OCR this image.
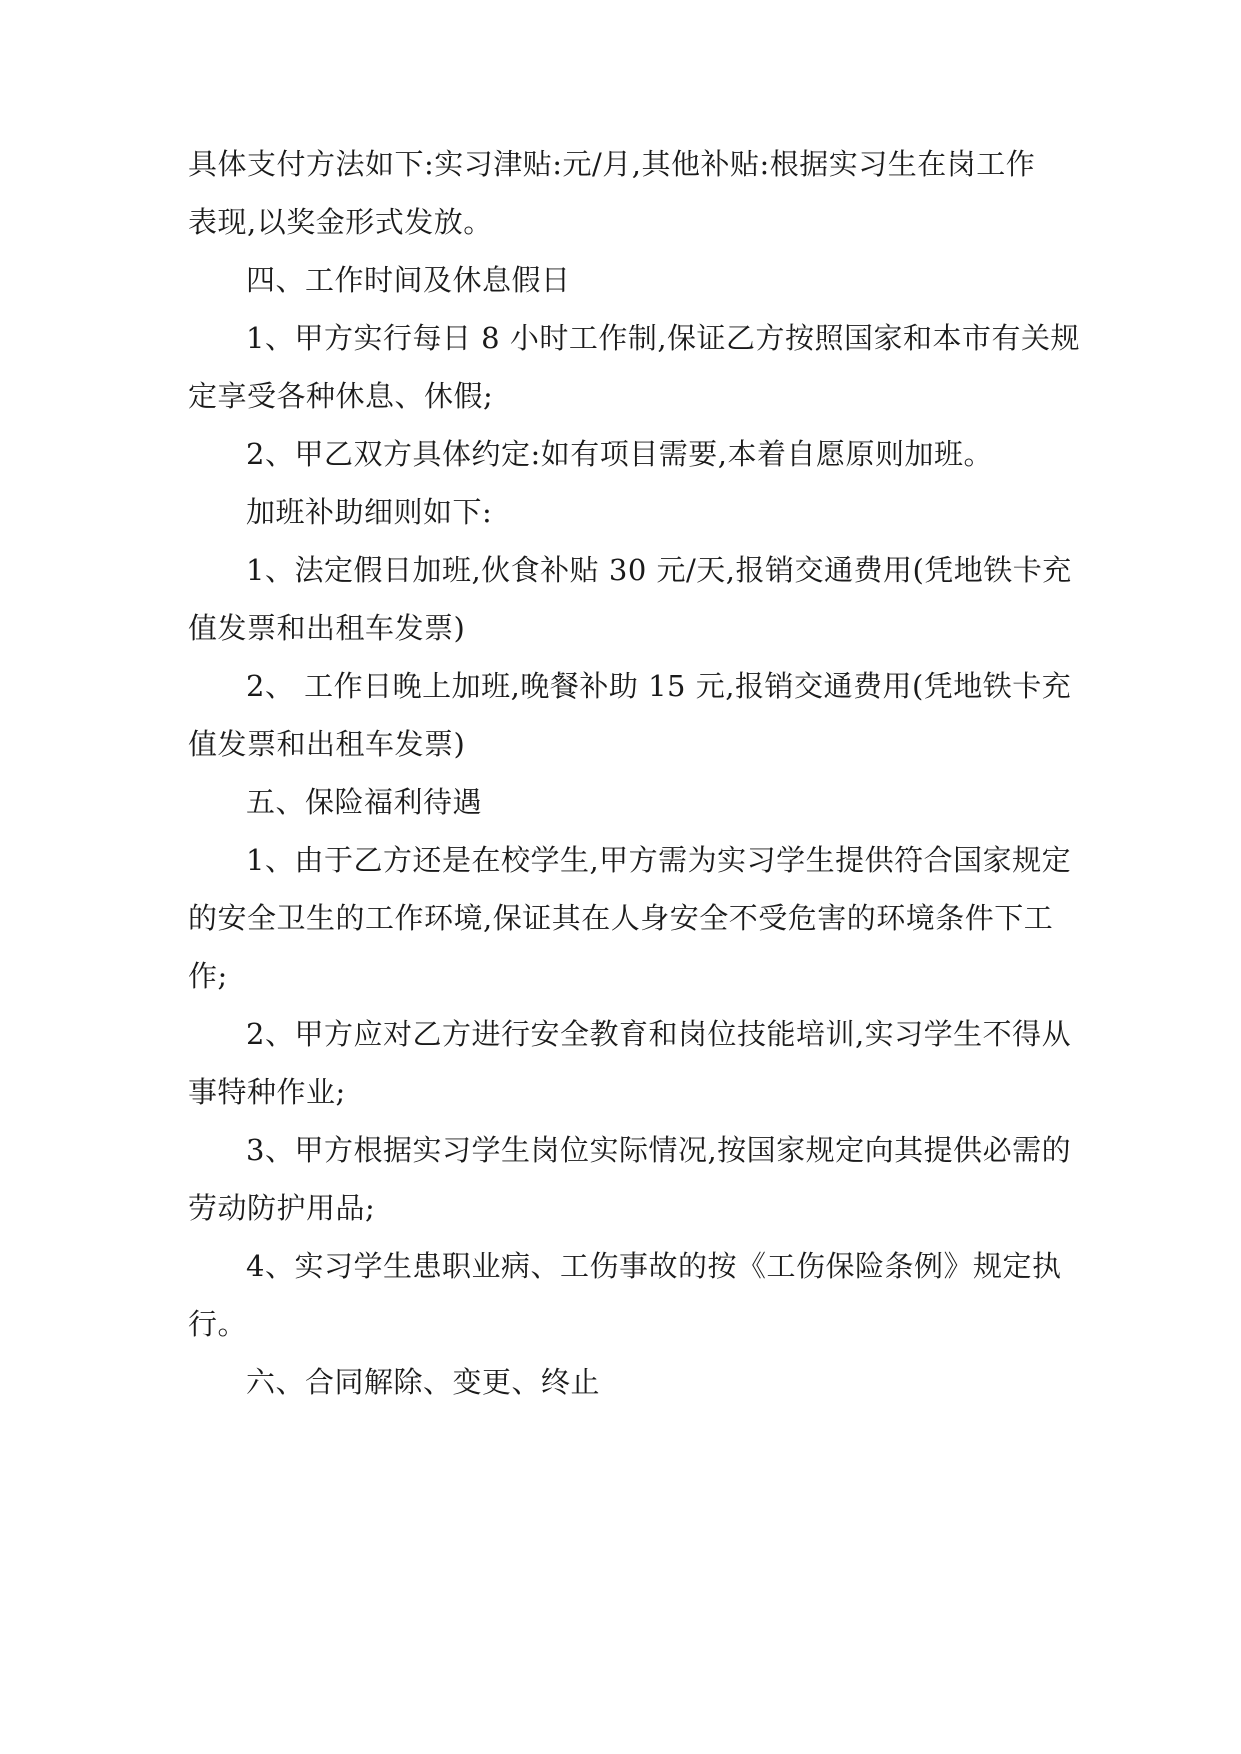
具体支付方法如下:实习津贴:元/月,其他补贴:根据实习生在岗工作
表现,以奖金形式发放。
四、工作时间及休息假日
1、甲方实行每日 8 小时工作制,保证乙方按照国家和本市有关规
定享受各种休息、休假;
2、甲乙双方具体约定:如有项目需要,本着自愿原则加班。
加班补助细则如下:
1、法定假日加班,伙食补贴 30 元/天,报销交通费用(凭地铁卡充
值发票和出租车发票)
2、 工作日晚上加班,晚餐补助 15 元,报销交通费用(凭地铁卡充
值发票和出租车发票)
五、保险福利待遇
1、由于乙方还是在校学生,甲方需为实习学生提供符合国家规定
的安全卫生的工作环境,保证其在人身安全不受危害的环境条件下工
作;
2、甲方应对乙方进行安全教育和岗位技能培训,实习学生不得从
事特种作业;
3、甲方根据实习学生岗位实际情况,按国家规定向其提供必需的
劳动防护用品;
4、实习学生患职业病、工伤事故的按《工伤保险条例》规定执
行。
六、合同解除、变更、终止
